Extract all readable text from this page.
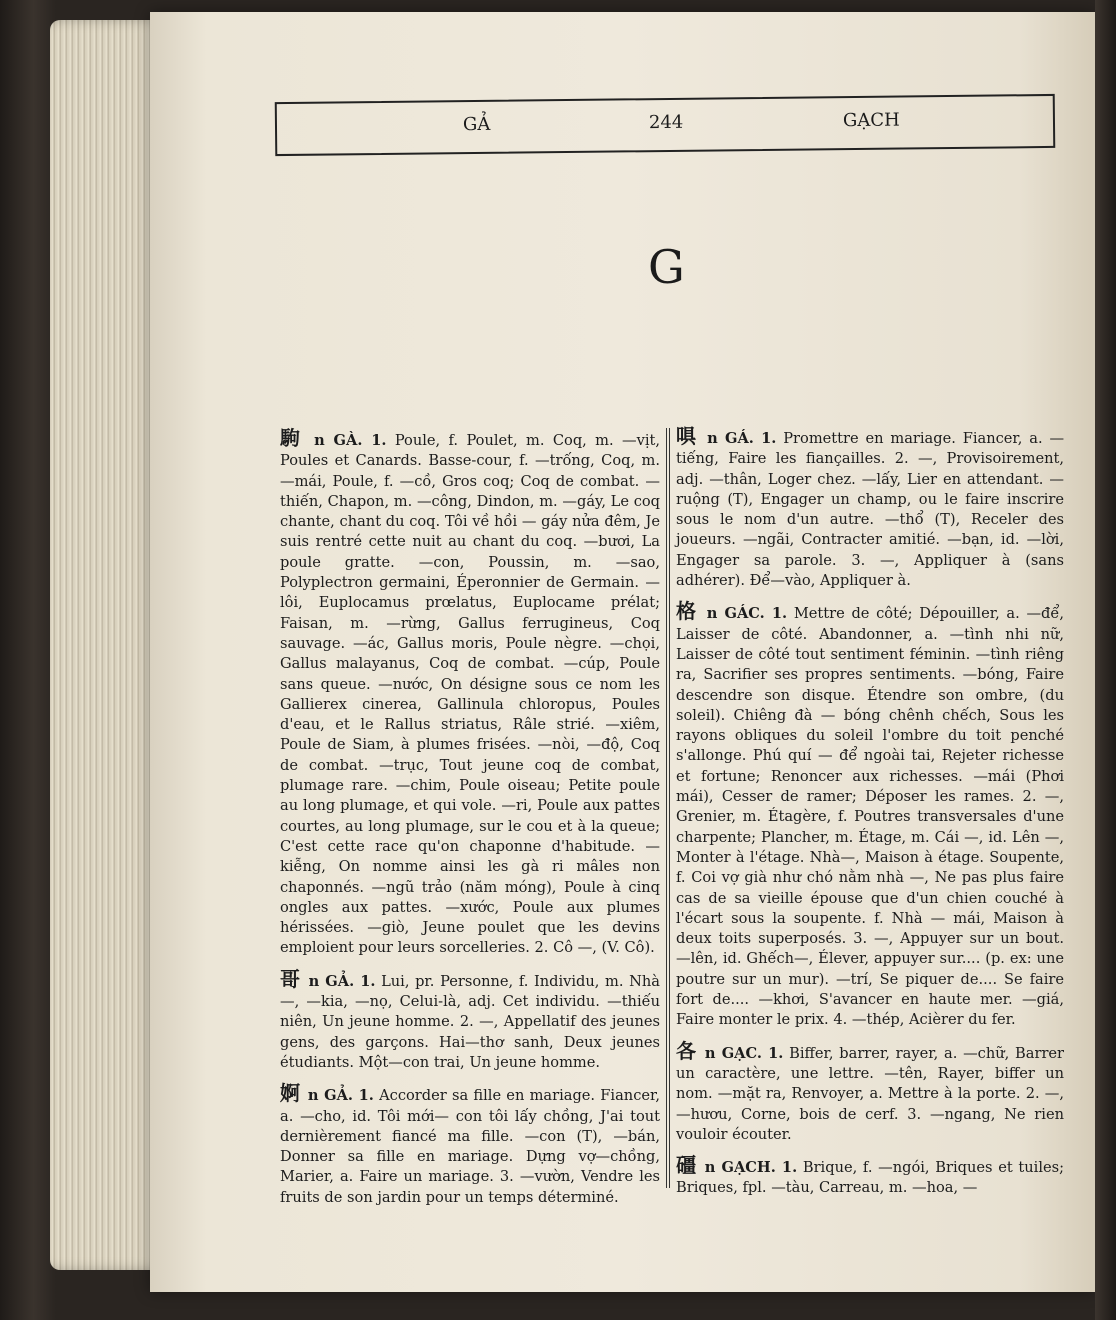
GẢ	244	GẠCH
G
駒 n GÀ. 1. Poule, f. Poulet, m. Coq, m. —vịt, Poules et Canards. Basse-cour, f. —trống, Coq, m. —mái, Poule, f. —cồ, Gros coq; Coq de combat. —thiến, Chapon, m. —công, Dindon, m. —gáy, Le coq chante, chant du coq. Tôi về hồi — gáy nửa đêm, Je suis rentré cette nuit au chant du coq. —bươi, La poule gratte. —con, Poussin, m. —sao, Polyplectron germaini, Éperonnier de Germain. —lôi, Euplocamus prœlatus, Euplocame prélat; Faisan, m. —rừng, Gallus ferrugineus, Coq sauvage. —ác, Gallus moris, Poule nègre. —chọi, Gallus malayanus, Coq de combat. —cúp, Poule sans queue. —nước, On désigne sous ce nom les Gallierex cinerea, Gallinula chloropus, Poules d'eau, et le Rallus striatus, Râle strié. —xiêm, Poule de Siam, à plumes frisées. —nòi, —độ, Coq de combat. —trục, Tout jeune coq de combat, plumage rare. —chim, Poule oiseau; Petite poule au long plumage, et qui vole. —ri, Poule aux pattes courtes, au long plumage, sur le cou et à la queue; C'est cette race qu'on chaponne d'habitude. —kiễng, On nomme ainsi les gà ri mâles non chaponnés. —ngũ trảo (năm móng), Poule à cinq ongles aux pattes. —xước, Poule aux plumes hérissées. —giò, Jeune poulet que les devins emploient pour leurs sorcelleries. 2. Cô —, (V. Cô).
哥 n GẢ. 1. Lui, pr. Personne, f. Individu, m. Nhà —, —kia, —nọ, Celui-là, adj. Cet individu. —thiếu niên, Un jeune homme. 2. —, Appellatif des jeunes gens, des garçons. Hai—thơ sanh, Deux jeunes étudiants. Một—con trai, Un jeune homme.
婀 n GẢ. 1. Accorder sa fille en mariage. Fiancer, a. —cho, id. Tôi mới— con tôi lấy chồng, J'ai tout dernièrement fiancé ma fille. —con (T), —bán, Donner sa fille en mariage. Dựng vợ—chồng, Marier, a. Faire un mariage. 3. —vườn, Vendre les fruits de son jardin pour un temps déterminé.
㖵 n GÁ. 1. Promettre en mariage. Fiancer, a. —tiếng, Faire les fiançailles. 2. —, Provisoirement, adj. —thân, Loger chez. —lấy, Lier en attendant. —ruộng (T), Engager un champ, ou le faire inscrire sous le nom d'un autre. —thổ (T), Receler des joueurs. —ngãi, Contracter amitié. —bạn, id. —lời, Engager sa parole. 3. —, Appliquer à (sans adhérer). Để—vào, Appliquer à.
格 n GÁC. 1. Mettre de côté; Dépouiller, a. —để, Laisser de côté. Abandonner, a. —tình nhi nữ, Laisser de côté tout sentiment féminin. —tình riêng ra, Sacrifier ses propres sentiments. —bóng, Faire descendre son disque. Étendre son ombre, (du soleil). Chiêng đà — bóng chênh chếch, Sous les rayons obliques du soleil l'ombre du toit penché s'allonge. Phú quí — để ngoài tai, Rejeter richesse et fortune; Renoncer aux richesses. —mái (Phơi mái), Cesser de ramer; Déposer les rames. 2. —, Grenier, m. Étagère, f. Poutres transversales d'une charpente; Plancher, m. Étage, m. Cái —, id. Lên —, Monter à l'étage. Nhà—, Maison à étage. Soupente, f. Coi vợ già như chó nằm nhà —, Ne pas plus faire cas de sa vieille épouse que d'un chien couché à l'écart sous la soupente. f. Nhà — mái, Maison à deux toits superposés. 3. —, Appuyer sur un bout. —lên, id. Ghếch—, Élever, appuyer sur.... (p. ex: une poutre sur un mur). —trí, Se piquer de.... Se faire fort de.... —khơi, S'avancer en haute mer. —giá, Faire monter le prix. 4. —thép, Acièrer du fer.
各 n GẠC. 1. Biffer, barrer, rayer, a. —chữ, Barrer un caractère, une lettre. —tên, Rayer, biffer un nom. —mặt ra, Renvoyer, a. Mettre à la porte. 2. —, —hươu, Corne, bois de cerf. 3. —ngang, Ne rien vouloir écouter.
礓 n GẠCH. 1. Brique, f. —ngói, Briques et tuiles; Briques, fpl. —tàu, Carreau, m. —hoa, —
